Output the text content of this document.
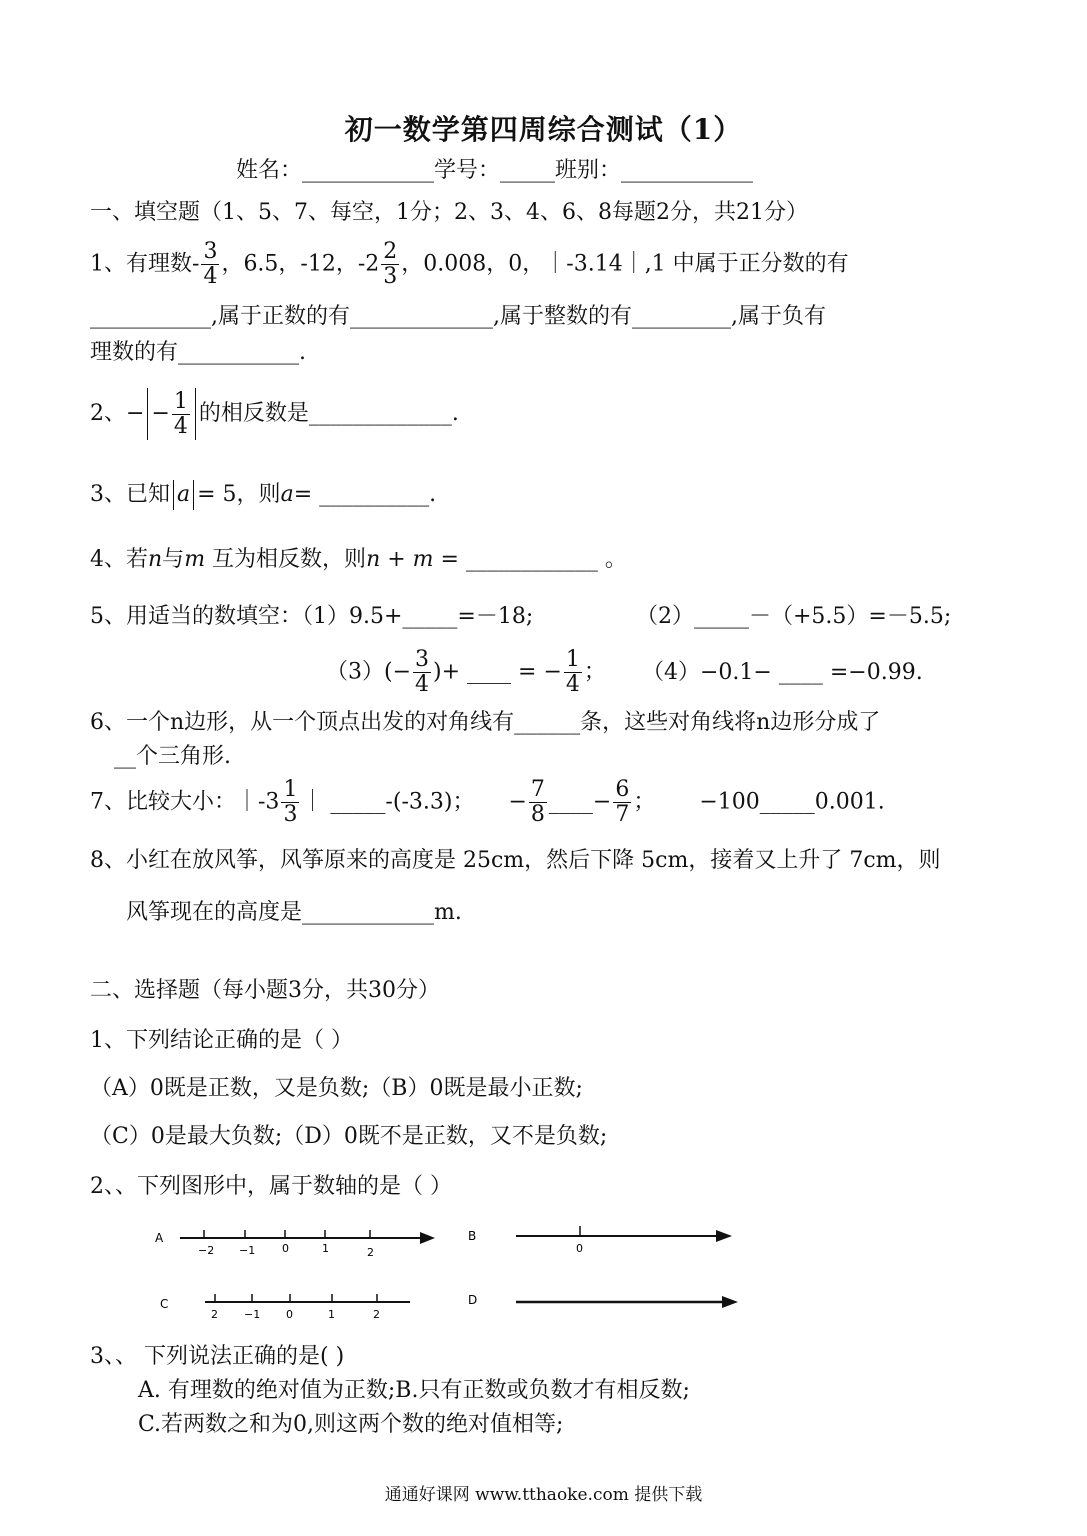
初一数学第四周综合测试（1）
姓名：____________学号：_____班别：____________
一、填空题（1、5、7、每空，1分；2、3、4、6、8每题2分，共21分）
1、有理数- $\frac{3}{4}$ ，6.5，-12，$-2 \frac{2}{3}$ ，0.008，0，｜-3.14｜,1 中属于正分数的有
___________,属于正数的有_____________,属于整数的有_________,属于负有
理数的有___________.
2、− − $\frac{1}{4}$ 的相反数是_____________.
3、已知 a = 5，则a= __________.
4、若n与m 互为相反数，则n + m = ____________ 。
5、用适当的数填空：（1）9.5+_____=－18;	（2）_____－（+5.5）=－5.5;
$(3)(- \frac{3}{4}$ )+ ____ = − $\frac{1}{4}$ ； （4）−0.1− ____ =−0.99.
6、一个n边形，从一个顶点出发的对角线有______条，这些对角线将n边形分成了
__个三角形.
7、比较大小：｜-3 $\frac{1}{3}$ ｜ _____-(-3.3)； − $\frac{7}{8}$ ____− $\frac{6}{7}$ ； −100_____0.001.
8、小红在放风筝，风筝原来的高度是 25cm，然后下降 5cm，接着又上升了 7cm，则
风筝现在的高度是____________m.
二、选择题（每小题3分，共30分）
1、下列结论正确的是（ ）
（A）0既是正数，又是负数;（B）0既是最小正数;
（C）0是最大负数;（D）0既不是正数，又不是负数;
2、、下列图形中，属于数轴的是（ ）
A
−2 −1 0	1	2
B
0
C
2 −1 0	1	2
D
3、、 下列说法正确的是( )
A. 有理数的绝对值为正数;B.只有正数或负数才有相反数;
C.若两数之和为0,则这两个数的绝对值相等;
通通好课网 www.tthaoke.com 提供下载
